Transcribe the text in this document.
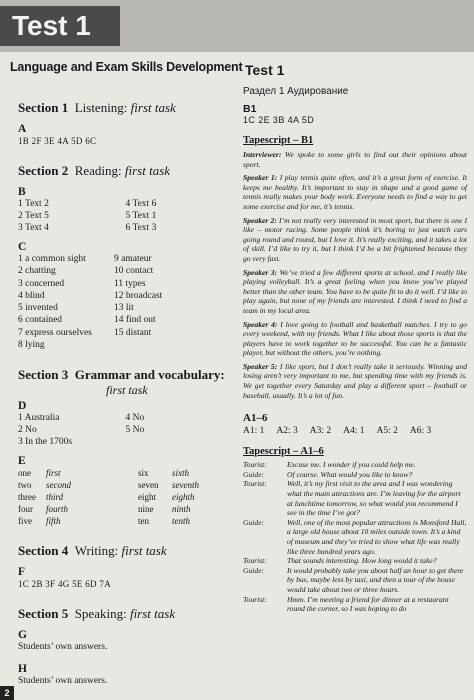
Test 1
Language and Exam Skills Development Test 1
Section 1 Listening: first task
A
1B 2F 3E 4A 5D 6C
Section 2 Reading: first task
B
1 Text 2
2 Text 5
3 Text 4
4 Text 6
5 Text 1
6 Text 3
C
1 a common sight
2 chatting
3 concerned
4 blind
5 invented
6 contained
7 express ourselves
8 lying
9 amateur
10 contact
11 types
12 broadcast
13 lit
14 find out
15 distant
Section 3 Grammar and vocabulary:
first task
D
1 Australia
2 No
3 In the 1700s
4 No
5 No
E
one	first	six	sixth
two	second	seven	seventh
three	third	eight	eighth
four	fourth	nine	ninth
five	fifth	ten	tenth
Section 4 Writing: first task
F
1C 2B 3F 4G 5E 6D 7A
Section 5 Speaking: first task
G
Students’ own answers.
H
Students’ own answers.
Раздел 1 Аудирование
B1
1C 2E 3B 4A 5D
Tapescript – B1
Interviewer: We spoke to some girls to find out their opinions about sport.
Speaker 1: I play tennis quite often, and it’s a great form of exercise. It keeps me healthy. It’s important to stay in shape and a good game of tennis really makes your body work. Everyone needs to find a way to get some exercise and for me, it’s tennis.
Speaker 2: I’m not really very interested in most sport, but there is one I like – motor racing. Some people think it’s boring to just watch cars going round and round, but I love it. It’s really exciting, and it takes a lot of skill. I’d like to try it, but I think I’d be a bit frightened because they go very fast.
Speaker 3: We’ve tried a few different sports at school, and I really like playing volleyball. It’s a great feeling when you know you’ve played better than the other team. You have to be quite fit to do it well. I’d like to play again, but none of my friends are interested. I think I need to find a team in my local area.
Speaker 4: I love going to football and basketball matches. I try to go every weekend, with my friends. What I like about those sports is that the players have to work together to be successful. You can be a fantastic player, but without the others, you’re nothing.
Speaker 5: I like sport, but I don’t really take it seriously. Winning and losing aren’t very important to me, but spending time with my friends is. We get together every Saturday and play a different sport – football or baseball, usually. It’s a lot of fun.
A1–6
A1: 1 A2: 3 A3: 2 A4: 1 A5: 2 A6: 3
Tapescript – A1–6
Tourist:	Excuse me. I wonder if you could help me.
Guide:	Of course. What would you like to know?
Tourist:	Well, it’s my first visit to the area and I was wondering what the main attractions are. I’m leaving for the airport at lunchtime tomorrow, so what would you recommend I see in the time I’ve got?
Guide:	Well, one of the most popular attractions is Monsford Hall, a large old house about 10 miles outside town. It’s a kind of museum and they’ve tried to show what life was really like three hundred years ago.
Tourist:	That sounds interesting. How long would it take?
Guide:	It would probably take you about half an hour to get there by bus, maybe less by taxi, and then a tour of the house would take about two or three hours.
Tourist:	Hmm. I’m meeting a friend for dinner at a restaurant round the corner, so I was hoping to do
2
